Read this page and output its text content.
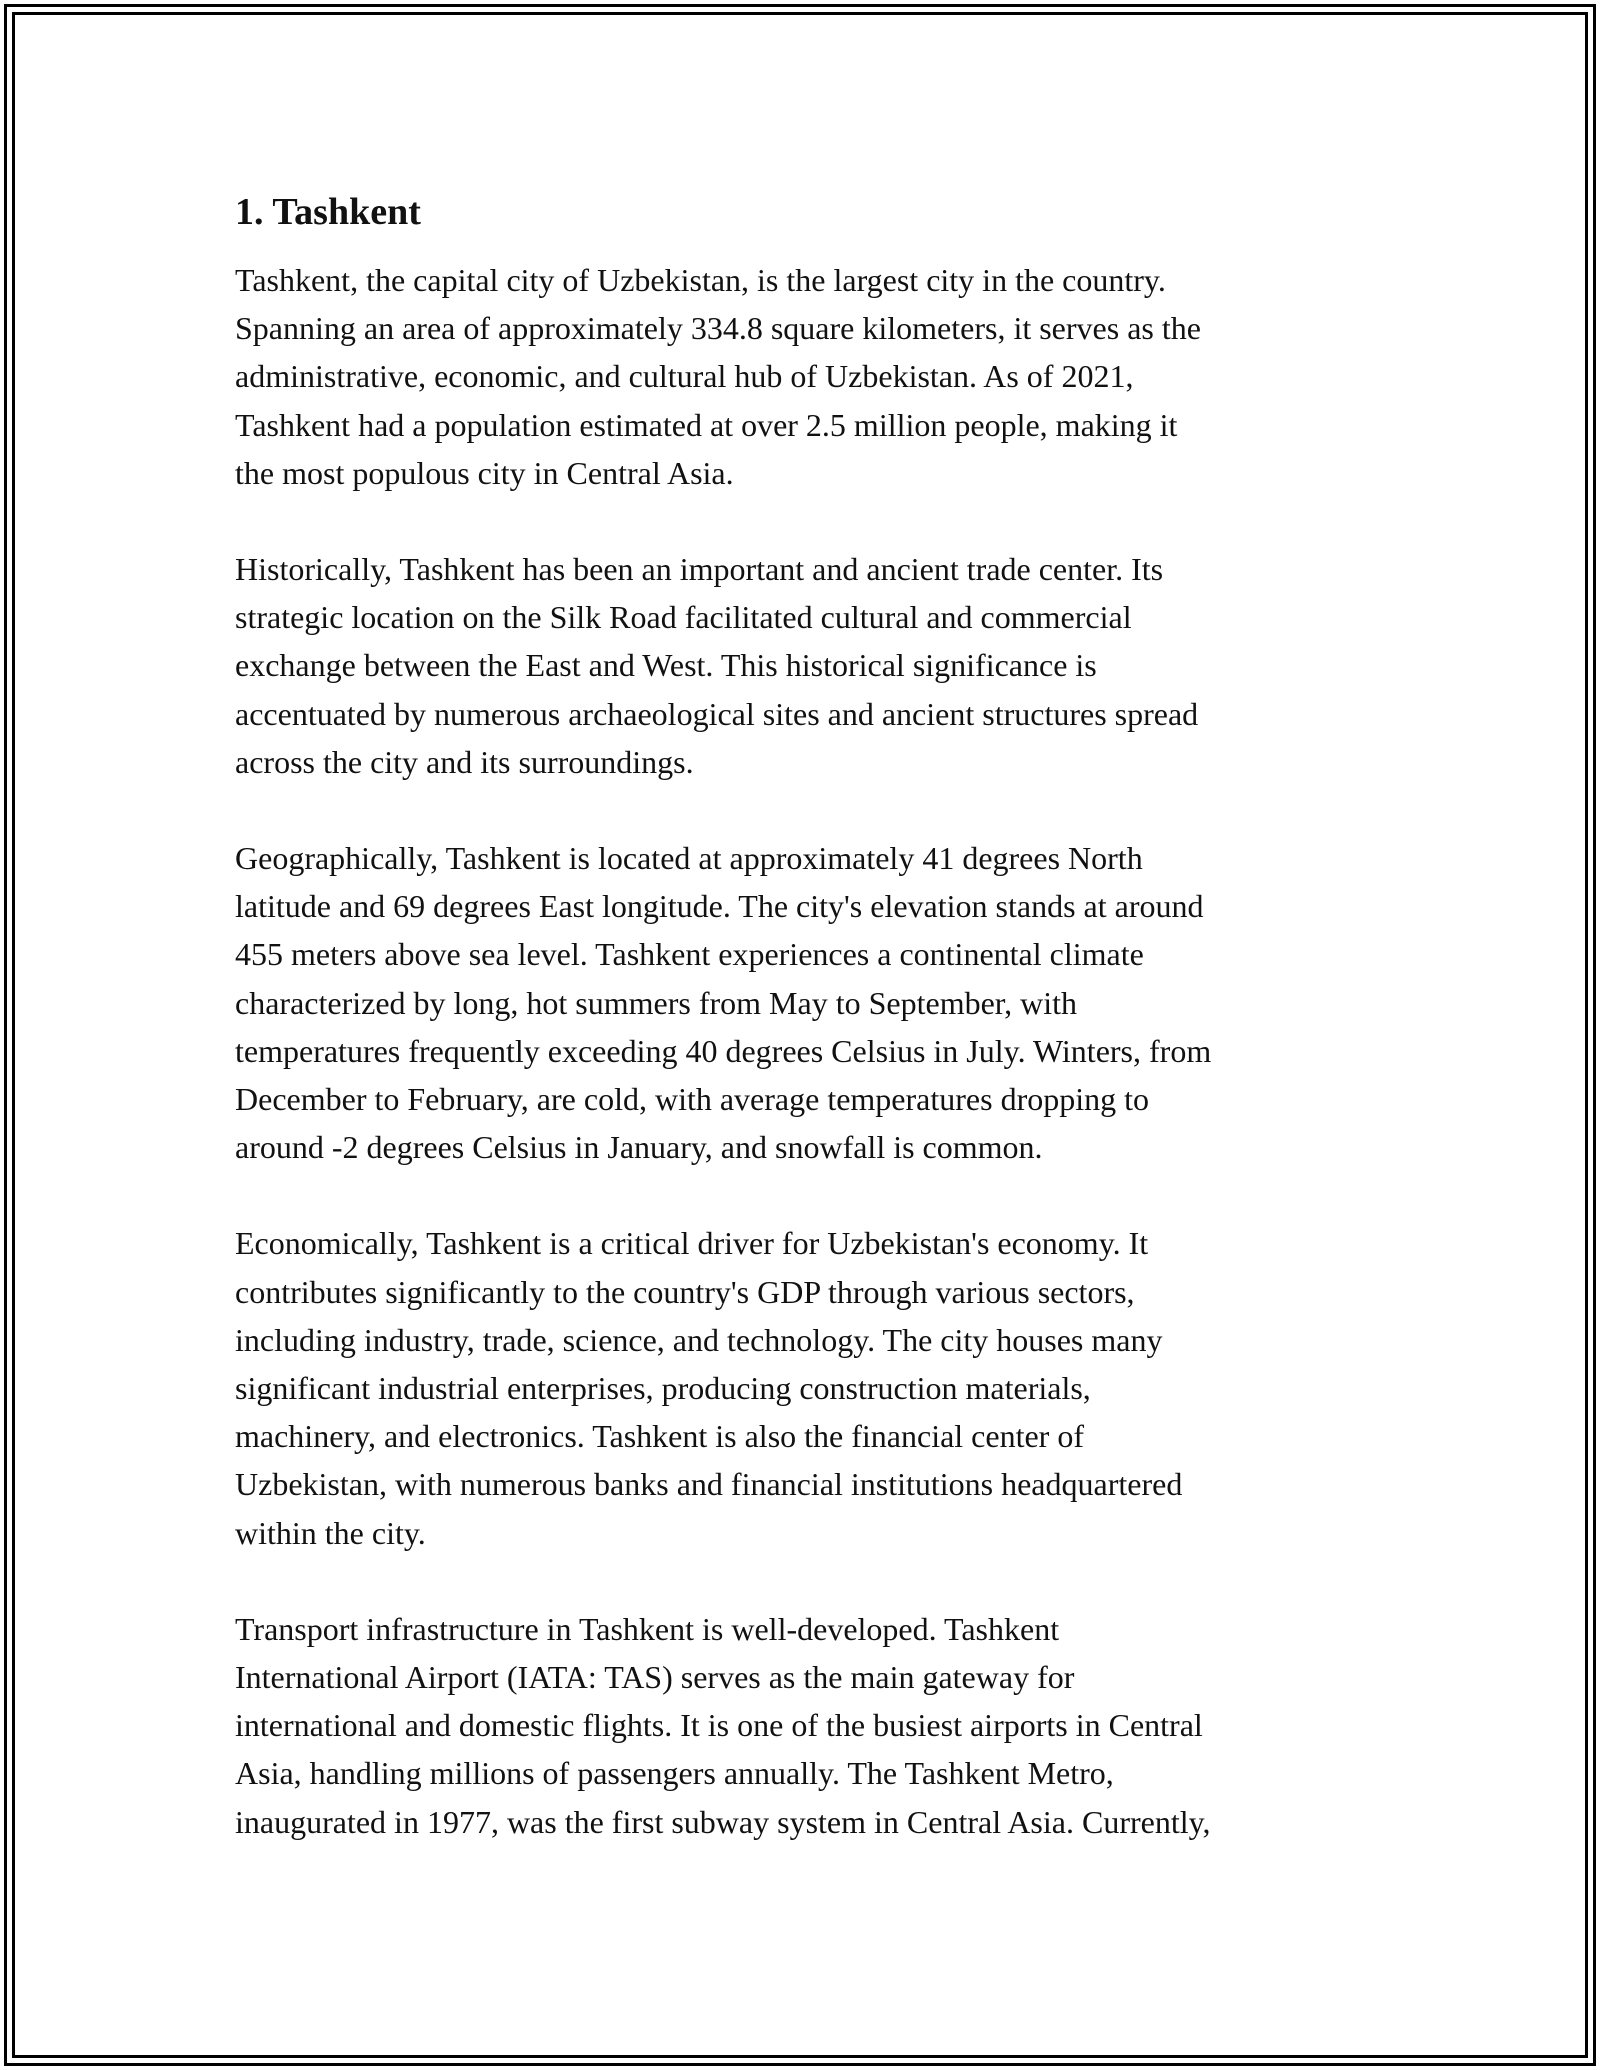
1. Tashkent

Tashkent, the capital city of Uzbekistan, is the largest city in the country.
Spanning an area of approximately 334.8 square kilometers, it serves as the
administrative, economic, and cultural hub of Uzbekistan. As of 2021,
Tashkent had a population estimated at over 2.5 million people, making it
the most populous city in Central Asia.

Historically, Tashkent has been an important and ancient trade center. Its
strategic location on the Silk Road facilitated cultural and commercial
exchange between the East and West. This historical significance is
accentuated by numerous archaeological sites and ancient structures spread
across the city and its surroundings.

Geographically, Tashkent is located at approximately 41 degrees North
latitude and 69 degrees East longitude. The city's elevation stands at around
455 meters above sea level. Tashkent experiences a continental climate
characterized by long, hot summers from May to September, with
temperatures frequently exceeding 40 degrees Celsius in July. Winters, from
December to February, are cold, with average temperatures dropping to
around -2 degrees Celsius in January, and snowfall is common.

Economically, Tashkent is a critical driver for Uzbekistan's economy. It
contributes significantly to the country's GDP through various sectors,
including industry, trade, science, and technology. The city houses many
significant industrial enterprises, producing construction materials,
machinery, and electronics. Tashkent is also the financial center of
Uzbekistan, with numerous banks and financial institutions headquartered
within the city.

Transport infrastructure in Tashkent is well-developed. Tashkent
International Airport (IATA: TAS) serves as the main gateway for
international and domestic flights. It is one of the busiest airports in Central
Asia, handling millions of passengers annually. The Tashkent Metro,
inaugurated in 1977, was the first subway system in Central Asia. Currently,
